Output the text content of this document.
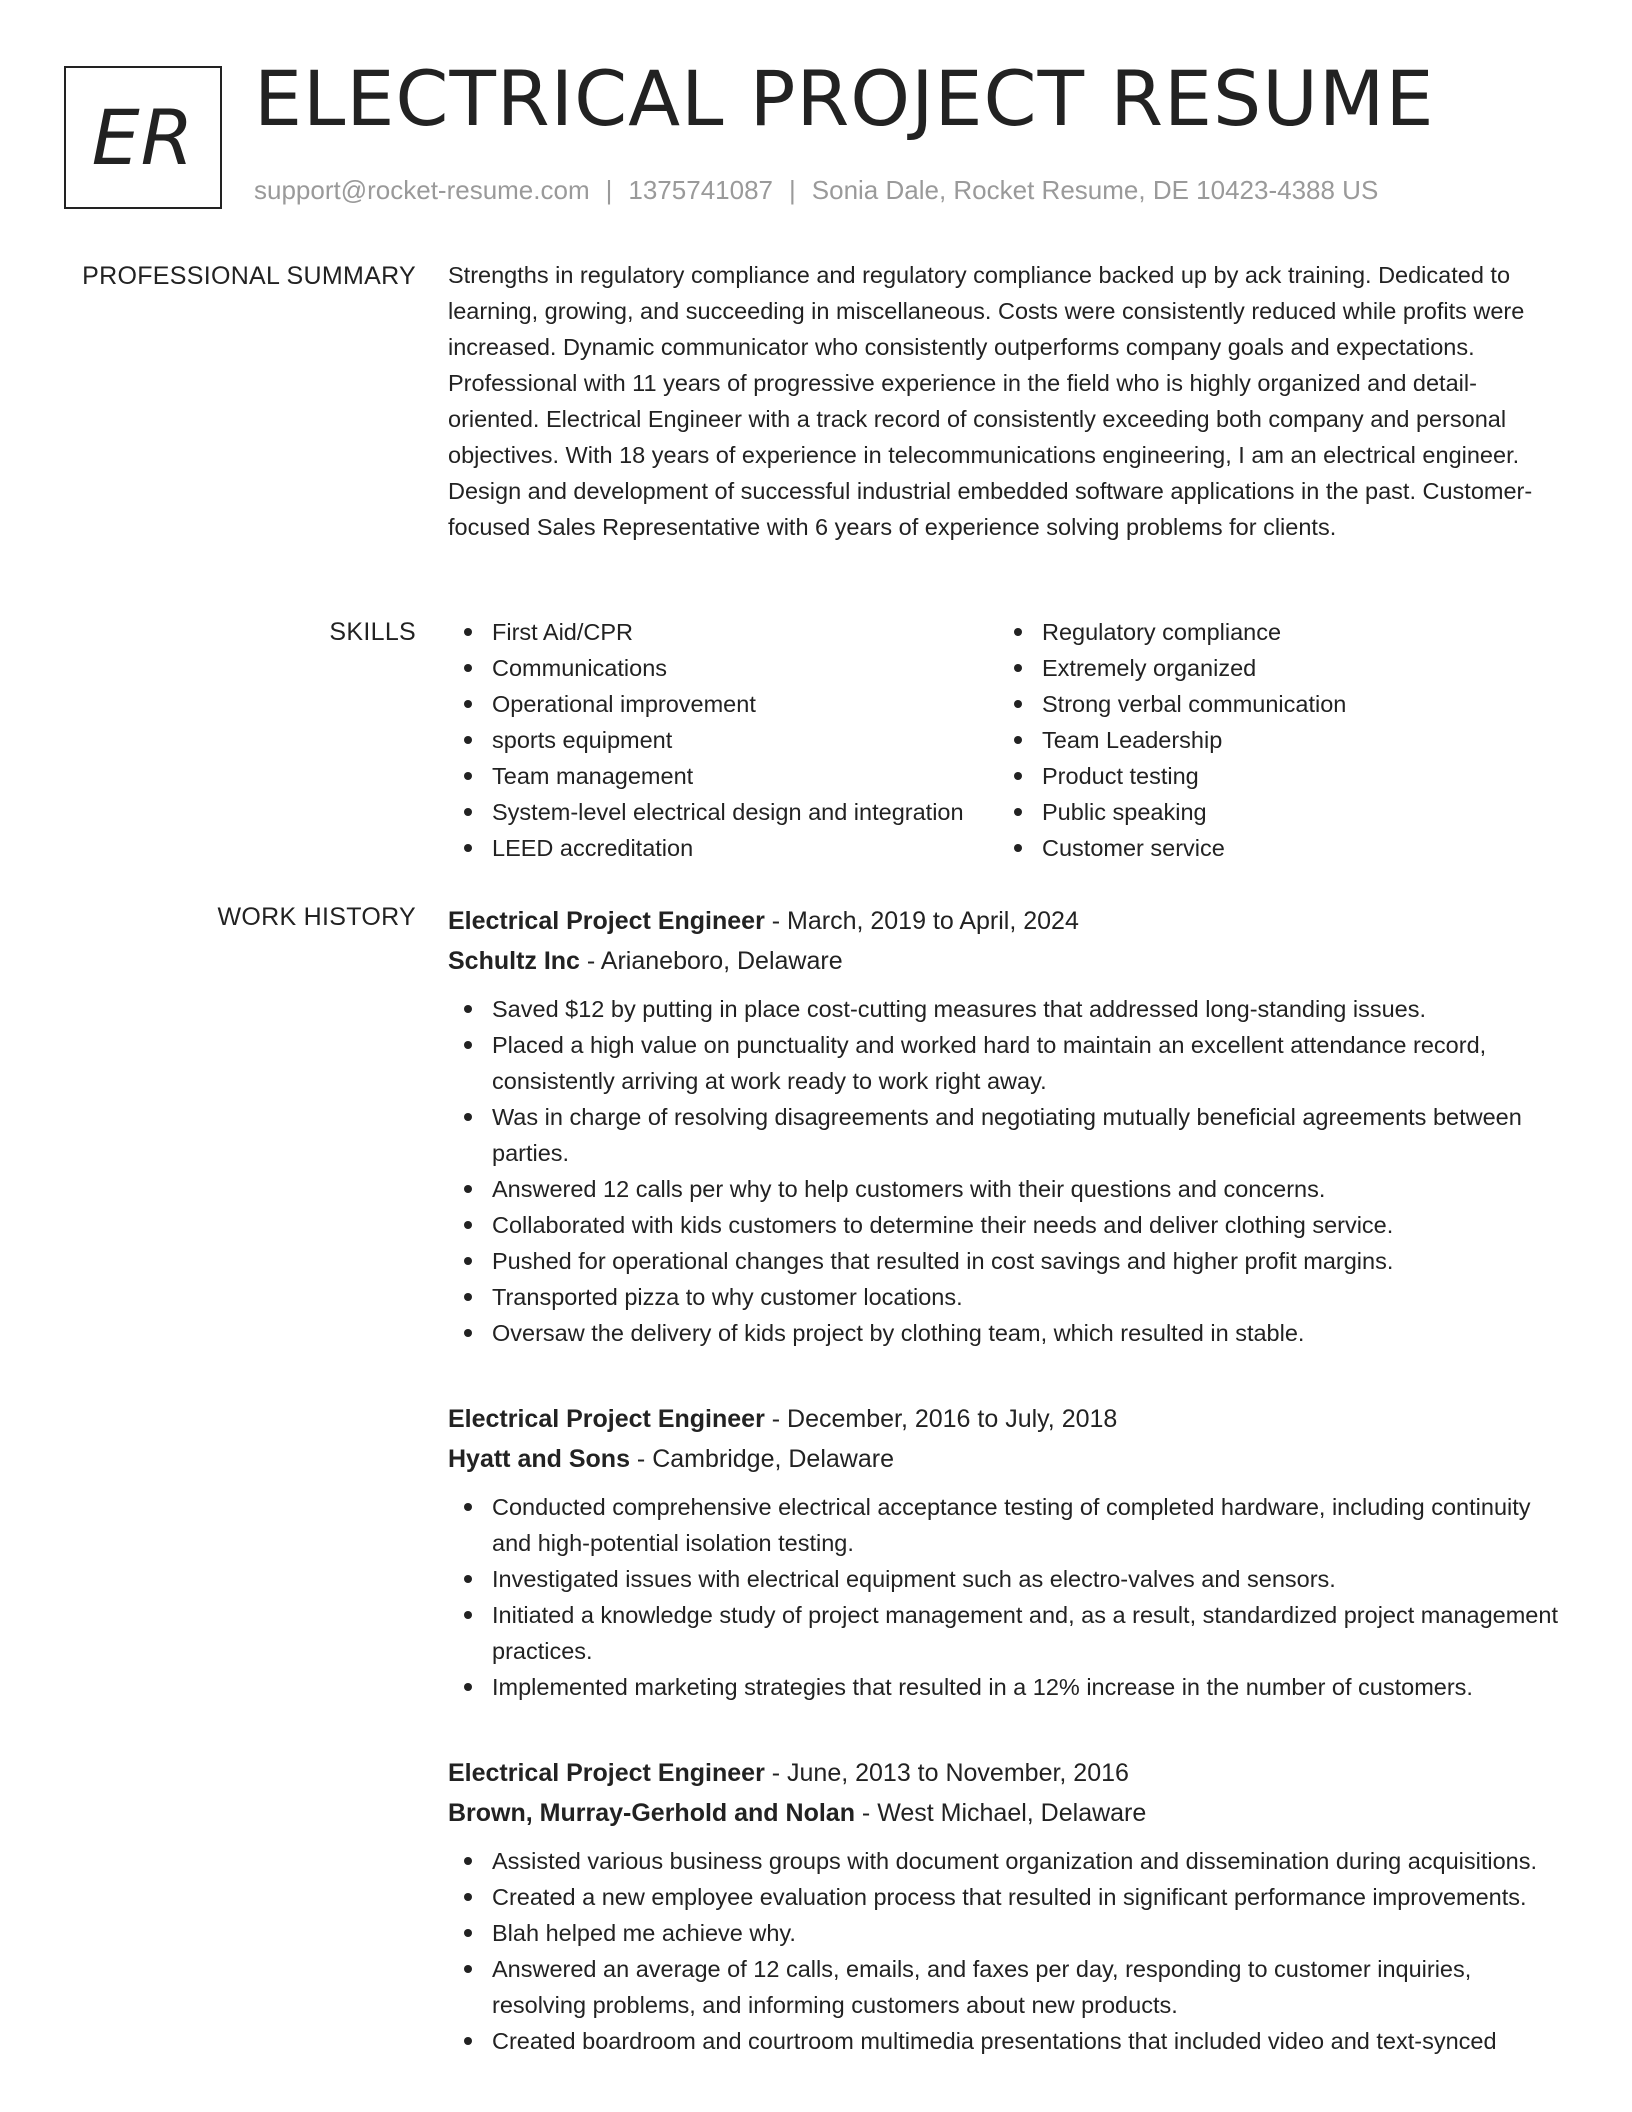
ER ELECTRICAL PROJECT RESUME
support@rocket-resume.com | 1375741087 | Sonia Dale, Rocket Resume, DE 10423-4388 US
PROFESSIONAL SUMMARY Strengths in regulatory compliance and regulatory compliance backed up by ack training. Dedicated to learning, growing, and succeeding in miscellaneous. Costs were consistently reduced while profits were increased. Dynamic communicator who consistently outperforms company goals and expectations. Professional with 11 years of progressive experience in the field who is highly organized and detail-oriented. Electrical Engineer with a track record of consistently exceeding both company and personal objectives. With 18 years of experience in telecommunications engineering, I am an electrical engineer. Design and development of successful industrial embedded software applications in the past. Customer-focused Sales Representative with 6 years of experience solving problems for clients.

SKILLS	First Aid/CPR
Communications
Operational improvement
sports equipment
Team management
System-level electrical design and integration
LEED accreditation
Regulatory compliance
Extremely organized
Strong verbal communication
Team Leadership
Product testing
Public speaking
Customer service
WORK HISTORY Electrical Project Engineer - March, 2019 to April, 2024
Schultz Inc - Arianeboro, Delaware
Saved $12 by putting in place cost-cutting measures that addressed long-standing issues.
Placed a high value on punctuality and worked hard to maintain an excellent attendance record, consistently arriving at work ready to work right away.
Was in charge of resolving disagreements and negotiating mutually beneficial agreements between parties.
Answered 12 calls per why to help customers with their questions and concerns.
Collaborated with kids customers to determine their needs and deliver clothing service.
Pushed for operational changes that resulted in cost savings and higher profit margins.
Transported pizza to why customer locations.
Oversaw the delivery of kids project by clothing team, which resulted in stable.
Electrical Project Engineer - December, 2016 to July, 2018
Hyatt and Sons - Cambridge, Delaware
Conducted comprehensive electrical acceptance testing of completed hardware, including continuity and high-potential isolation testing.
Investigated issues with electrical equipment such as electro-valves and sensors.
Initiated a knowledge study of project management and, as a result, standardized project management practices.
Implemented marketing strategies that resulted in a 12% increase in the number of customers.
Electrical Project Engineer - June, 2013 to November, 2016
Brown, Murray-Gerhold and Nolan - West Michael, Delaware
Assisted various business groups with document organization and dissemination during acquisitions.
Created a new employee evaluation process that resulted in significant performance improvements.
Blah helped me achieve why.
Answered an average of 12 calls, emails, and faxes per day, responding to customer inquiries, resolving problems, and informing customers about new products.
Created boardroom and courtroom multimedia presentations that included video and text-synced
